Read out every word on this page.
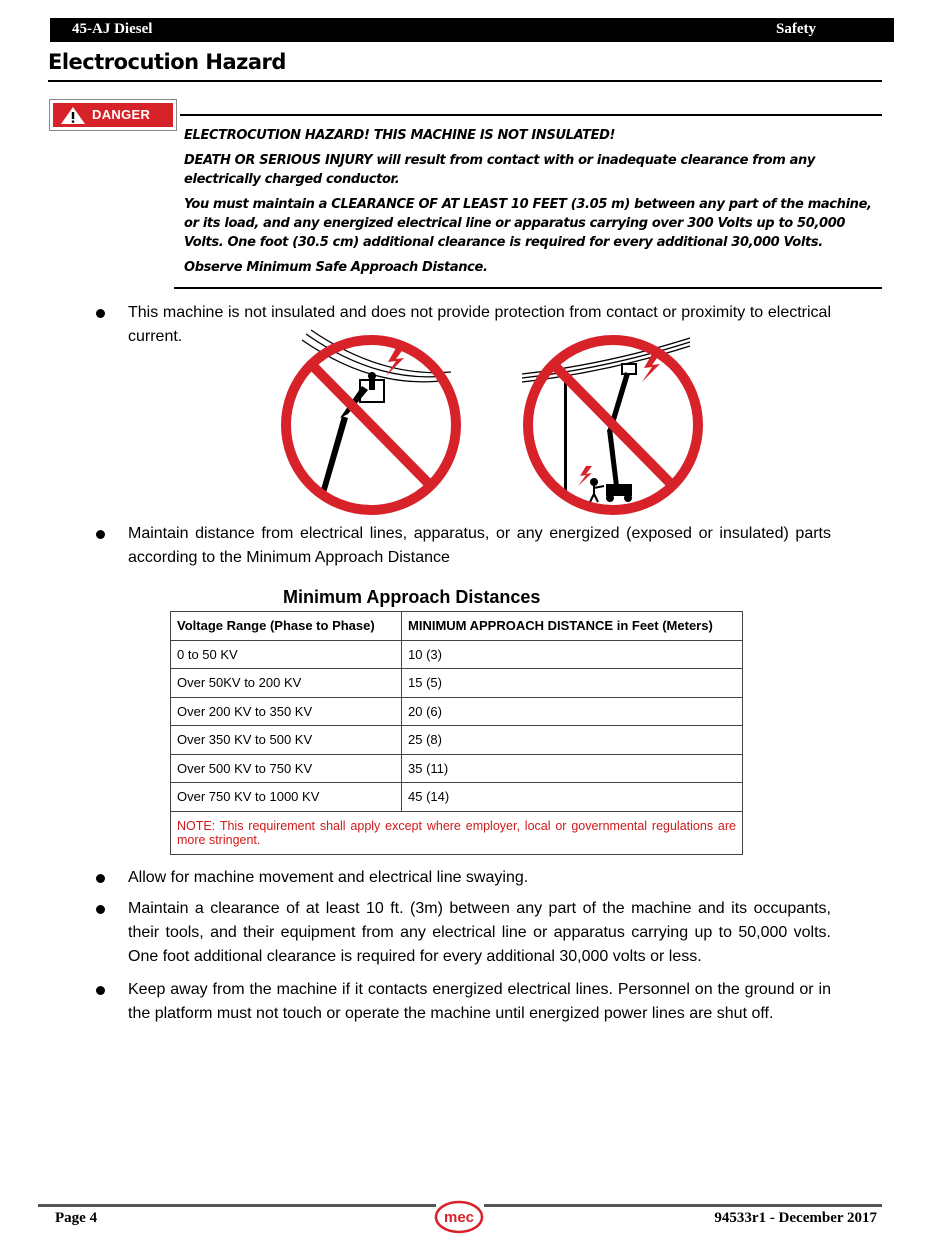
45-AJ Diesel	Safety
Electrocution Hazard
DANGER

ELECTROCUTION HAZARD! THIS MACHINE IS NOT INSULATED!

DEATH OR SERIOUS INJURY will result from contact with or inadequate clearance from any electrically charged conductor.

You must maintain a CLEARANCE OF AT LEAST 10 FEET (3.05 m) between any part of the machine, or its load, and any energized electrical line or apparatus carrying over 300 Volts up to 50,000 Volts. One foot (30.5 cm) additional clearance is required for every additional 30,000 Volts.

Observe Minimum Safe Approach Distance.

This machine is not insulated and does not provide protection from contact or proximity to electrical current.
Maintain distance from electrical lines, apparatus, or any energized (exposed or insulated) parts according to the Minimum Approach Distance
Minimum Approach Distances
Voltage Range (Phase to Phase)	MINIMUM APPROACH DISTANCE in Feet (Meters)
0 to 50 KV	10 (3)
Over 50KV to 200 KV	15 (5)
Over 200 KV to 350 KV	20 (6)
Over 350 KV to 500 KV	25 (8)
Over 500 KV to 750 KV	35 (11)
Over 750 KV to 1000 KV	45 (14)
NOTE: This requirement shall apply except where employer, local or governmental regulations are more stringent.	
Allow for machine movement and electrical line swaying.
Maintain a clearance of at least 10 ft. (3m) between any part of the machine and its occupants, their tools, and their equipment from any electrical line or apparatus carrying up to 50,000 volts. One foot additional clearance is required for every additional 30,000 volts or less.
Keep away from the machine if it contacts energized electrical lines. Personnel on the ground or in the platform must not touch or operate the machine until energized power lines are shut off.
mec
Page 4	94533r1 - December 2017
